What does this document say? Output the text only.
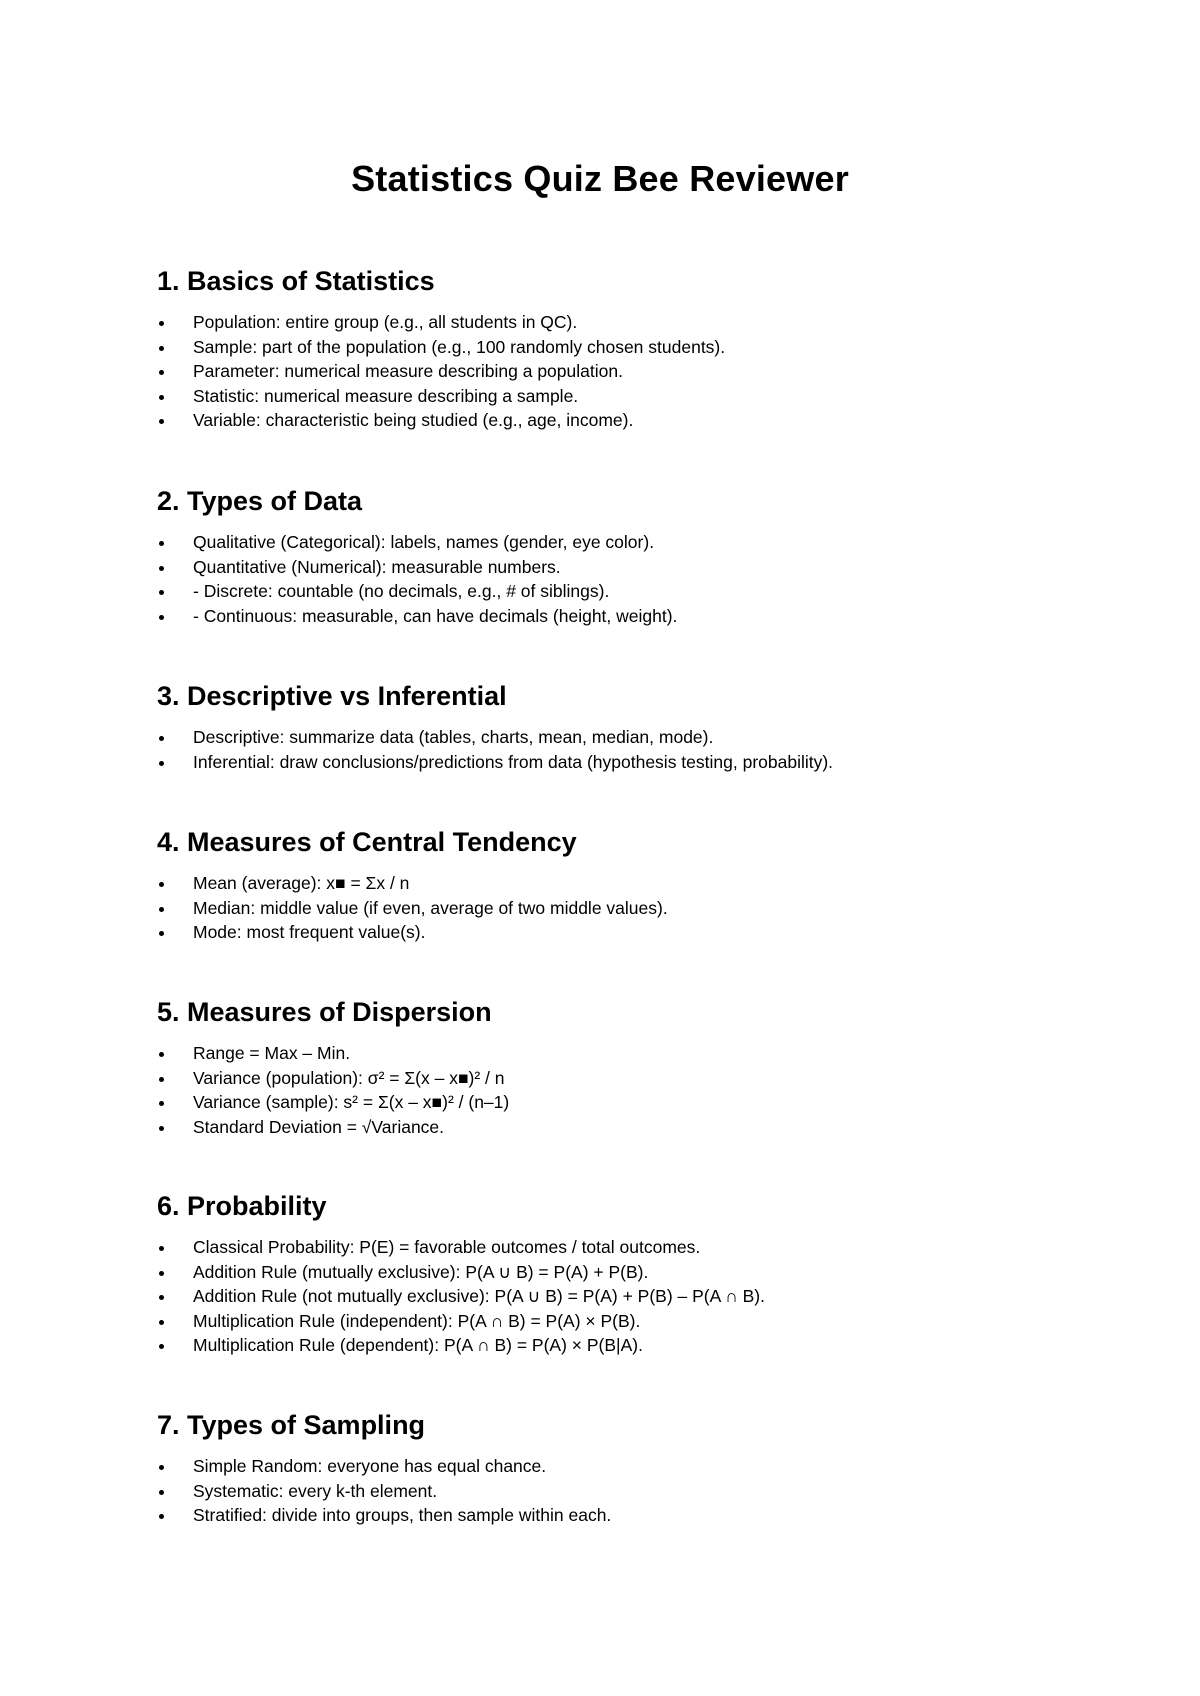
Statistics Quiz Bee Reviewer
1. Basics of Statistics
Population: entire group (e.g., all students in QC).
Sample: part of the population (e.g., 100 randomly chosen students).
Parameter: numerical measure describing a population.
Statistic: numerical measure describing a sample.
Variable: characteristic being studied (e.g., age, income).
2. Types of Data
Qualitative (Categorical): labels, names (gender, eye color).
Quantitative (Numerical): measurable numbers.
- Discrete: countable (no decimals, e.g., # of siblings).
- Continuous: measurable, can have decimals (height, weight).
3. Descriptive vs Inferential
Descriptive: summarize data (tables, charts, mean, median, mode).
Inferential: draw conclusions/predictions from data (hypothesis testing, probability).
4. Measures of Central Tendency
Mean (average): x■ = Σx / n
Median: middle value (if even, average of two middle values).
Mode: most frequent value(s).
5. Measures of Dispersion
Range = Max – Min.
Variance (population): σ² = Σ(x – x■)² / n
Variance (sample): s² = Σ(x – x■)² / (n–1)
Standard Deviation = √Variance.
6. Probability
Classical Probability: P(E) = favorable outcomes / total outcomes.
Addition Rule (mutually exclusive): P(A ∪ B) = P(A) + P(B).
Addition Rule (not mutually exclusive): P(A ∪ B) = P(A) + P(B) – P(A ∩ B).
Multiplication Rule (independent): P(A ∩ B) = P(A) × P(B).
Multiplication Rule (dependent): P(A ∩ B) = P(A) × P(B|A).
7. Types of Sampling
Simple Random: everyone has equal chance.
Systematic: every k-th element.
Stratified: divide into groups, then sample within each.
